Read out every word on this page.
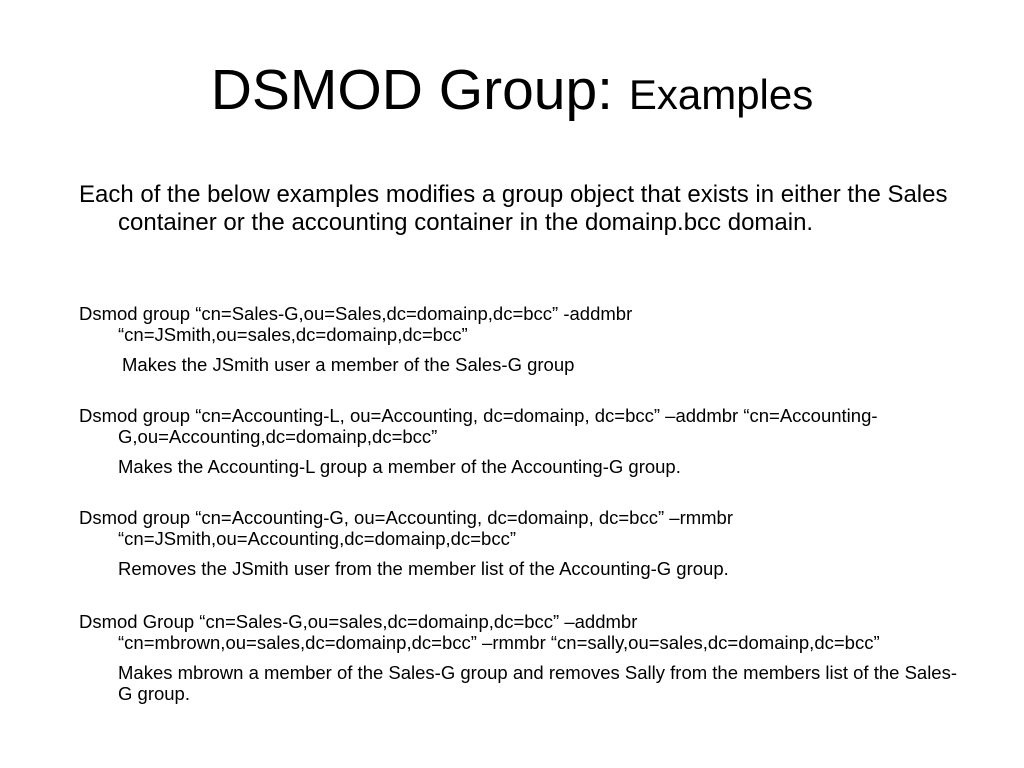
DSMOD Group: Examples
Each of the below examples modifies a group object that exists in either the Sales container or the accounting container in the domainp.bcc domain.
Dsmod group “cn=Sales-G,ou=Sales,dc=domainp,dc=bcc” -addmbr “cn=JSmith,ou=sales,dc=domainp,dc=bcc”
Makes the JSmith user a member of the Sales-G group
Dsmod group “cn=Accounting-L, ou=Accounting, dc=domainp, dc=bcc” –addmbr “cn=Accounting-G,ou=Accounting,dc=domainp,dc=bcc”
Makes the Accounting-L group a member of the Accounting-G group.
Dsmod group “cn=Accounting-G, ou=Accounting, dc=domainp, dc=bcc” –rmmbr “cn=JSmith,ou=Accounting,dc=domainp,dc=bcc”
Removes the JSmith user from the member list of the Accounting-G group.
Dsmod Group “cn=Sales-G,ou=sales,dc=domainp,dc=bcc” –addmbr “cn=mbrown,ou=sales,dc=domainp,dc=bcc” –rmmbr “cn=sally,ou=sales,dc=domainp,dc=bcc”
Makes mbrown a member of the Sales-G group and removes Sally from the members list of the Sales-G group.
